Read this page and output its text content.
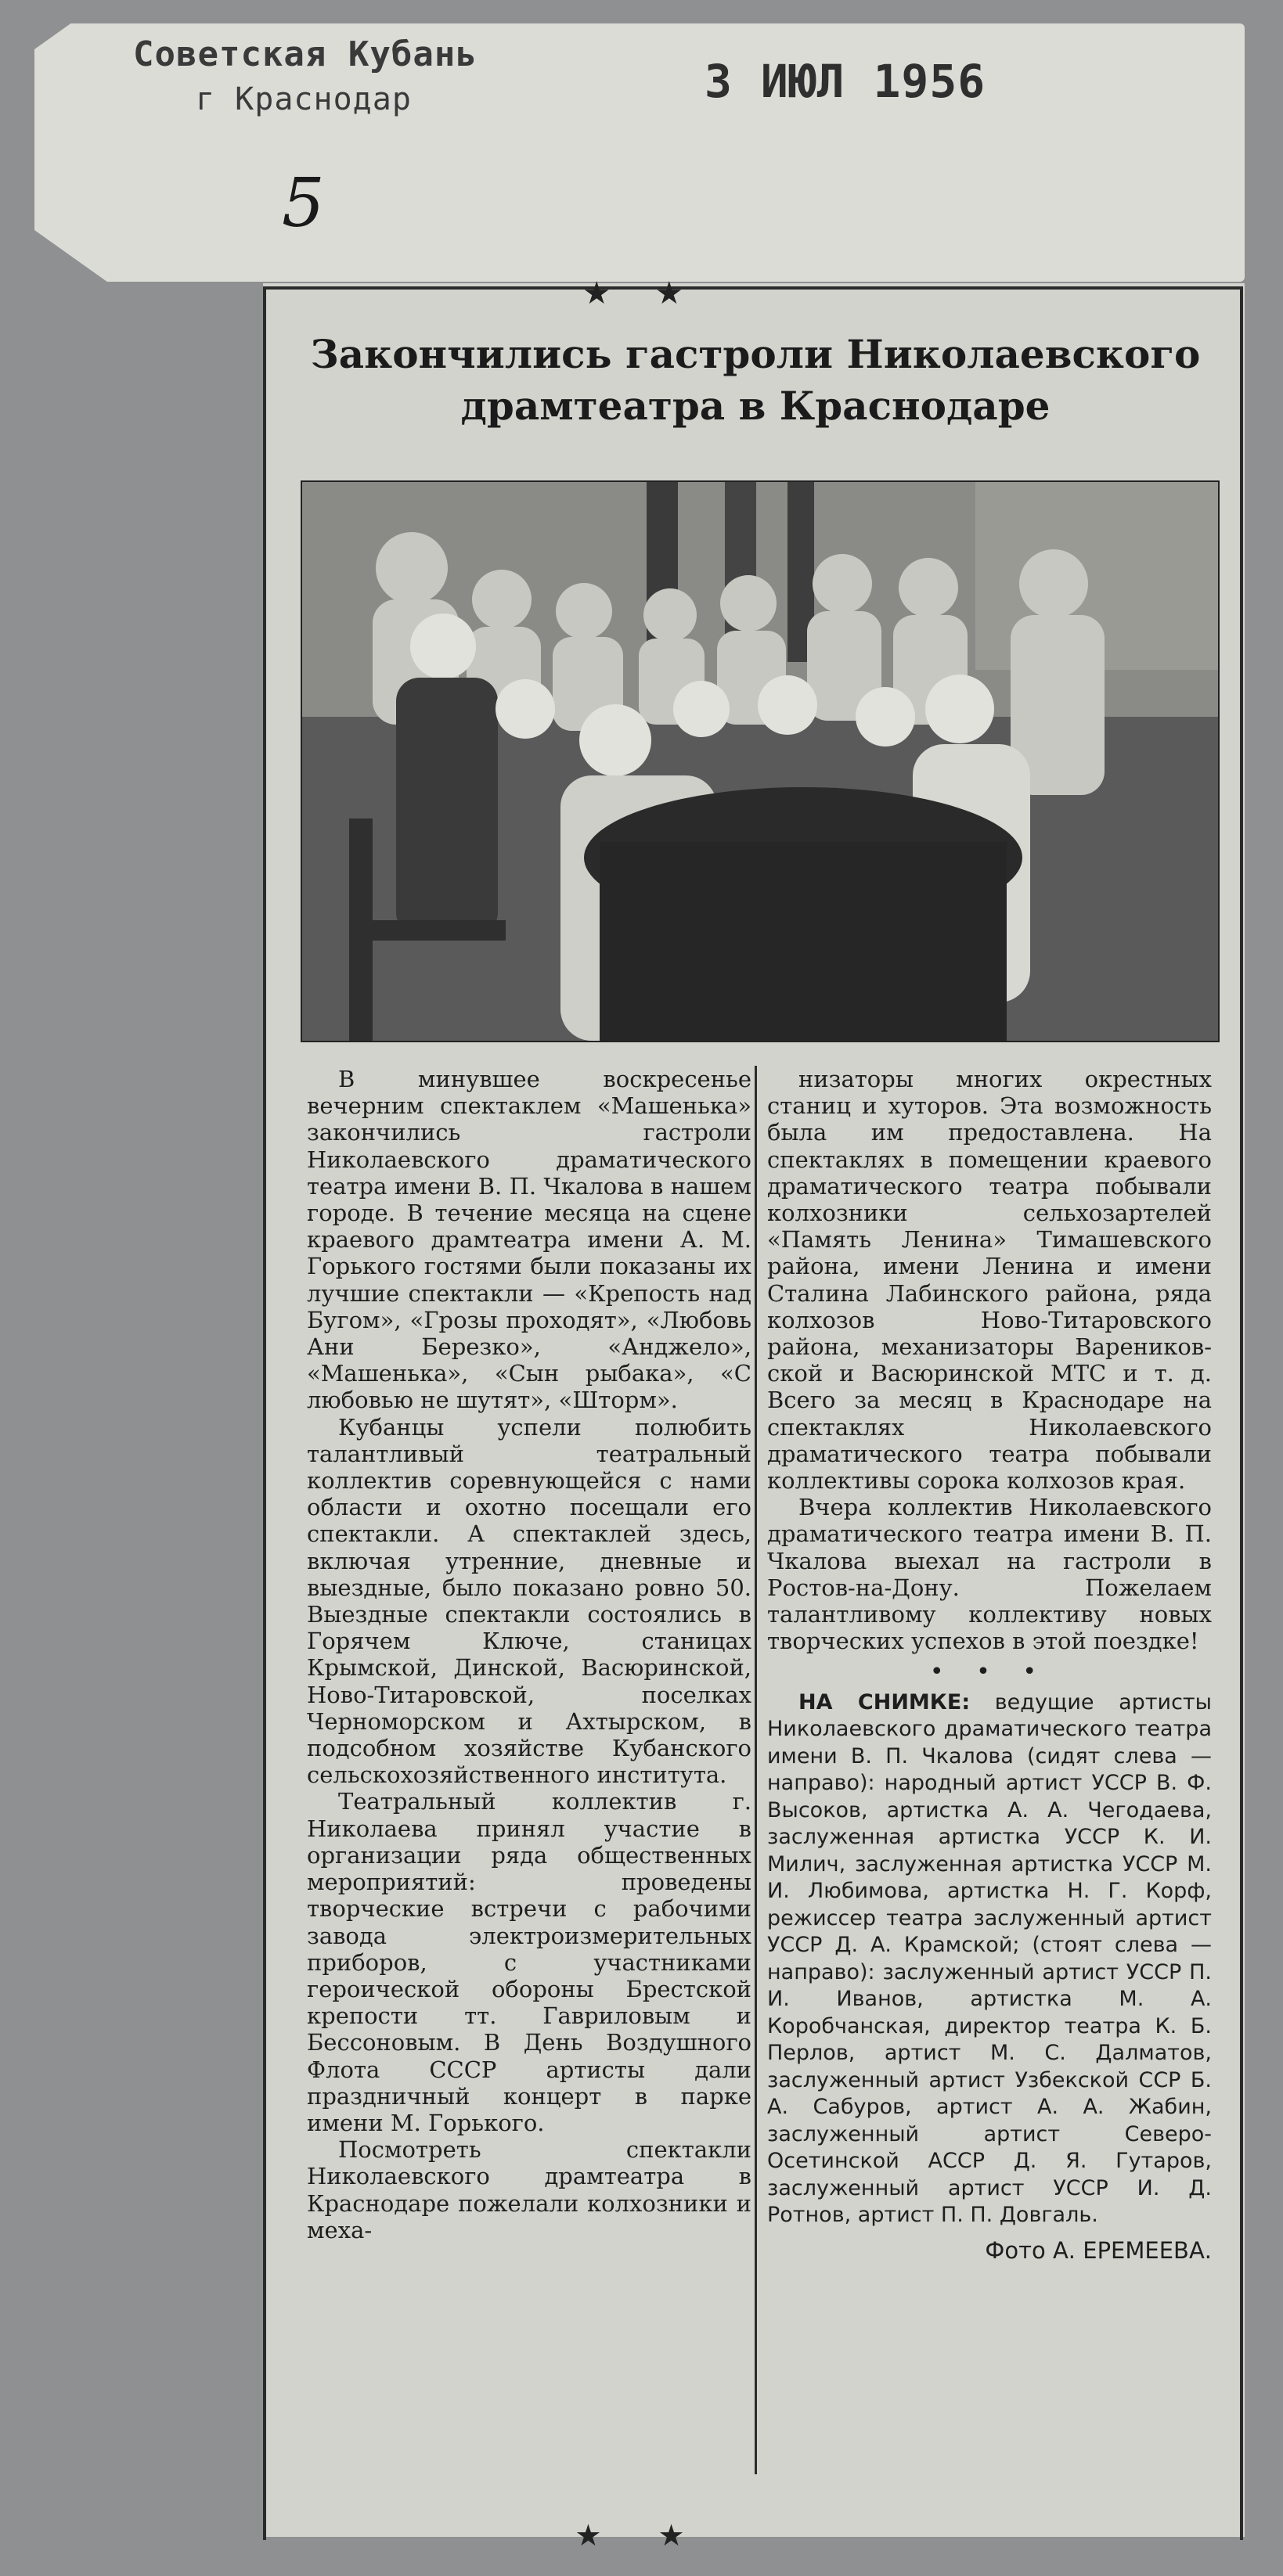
Советская Кубань
г Краснодар	3 ИЮЛ 1956
5
★ ★
Закончились гастроли Николаевского
драмтеатра в Краснодаре

В минувшее воскресенье вечерним спектаклем «Машенька» закончились гастроли Николаевского драматического театра имени В. П. Чкалова в нашем городе. В течение месяца на сцене краевого драмтеатра имени А. М. Горького гостями были показаны их лучшие спектакли — «Крепость над Бугом», «Грозы проходят», «Любовь Ани Березко», «Анджело», «Машенька», «Сын рыбака», «С любовью не шутят», «Шторм».

Кубанцы успели полюбить талантливый театральный коллектив соревнующейся с нами области и охотно посещали его спектакли. А спектаклей здесь, включая утренние, дневные и выездные, было показано ровно 50. Выездные спектакли состоялись в Горячем Ключе, станицах Крымской, Динской, Васюринской, Ново-Титаровской, поселках Черноморском и Ахтырском, в подсобном хозяйстве Кубанского сельскохозяйственного института.

Театральный коллектив г. Николаева принял участие в организации ряда общественных мероприятий: проведены творческие встречи с рабочими завода электроизмерительных приборов, с участниками героической обороны Брестской крепости тт. Гавриловым и Бессоновым. В День Воздушного Флота СССР артисты дали праздничный концерт в парке имени М. Горького.

Посмотреть спектакли Николаевского драмтеатра в Краснодаре пожелали колхозники и меха-

низаторы многих окрестных станиц и хуторов. Эта возможность была им предоставлена. На спектаклях в помещении краевого драматического театра побывали колхозники сельхозартелей «Память Ленина» Тимашевского района, имени Ленина и имени Сталина Лабинского района, ряда колхозов Ново-Титаровского района, механизаторы Вареников-ской и Васюринской МТС и т. д. Всего за месяц в Краснодаре на спектаклях Николаевского драматического театра побывали коллективы сорока колхозов края.

Вчера коллектив Николаевского драматического театра имени В. П. Чкалова выехал на гастроли в Ростов-на-Дону. Пожелаем талантливому коллективу новых творческих успехов в этой поездке!

• • •

НА СНИМКЕ: ведущие артисты Николаевского драматического театра имени В. П. Чкалова (сидят слева — направо): народный артист УССР В. Ф. Высоков, артистка А. А. Чегодаева, заслуженная артистка УССР К. И. Милич, заслуженная артистка УССР М. И. Любимова, артистка Н. Г. Корф, режиссер театра заслуженный артист УССР Д. А. Крамской; (стоят слева — направо): заслуженный артист УССР П. И. Иванов, артистка М. А. Коробчанская, директор театра К. Б. Перлов, артист М. С. Далматов, заслуженный артист Узбекской ССР Б. А. Сабуров, артист А. А. Жабин, заслуженный артист Северо-Осетинской АССР Д. Я. Гутаров, заслуженный артист УССР И. Д. Ротнов, артист П. П. Довгаль.

Фото А. ЕРЕМЕЕВА.
★ ★
